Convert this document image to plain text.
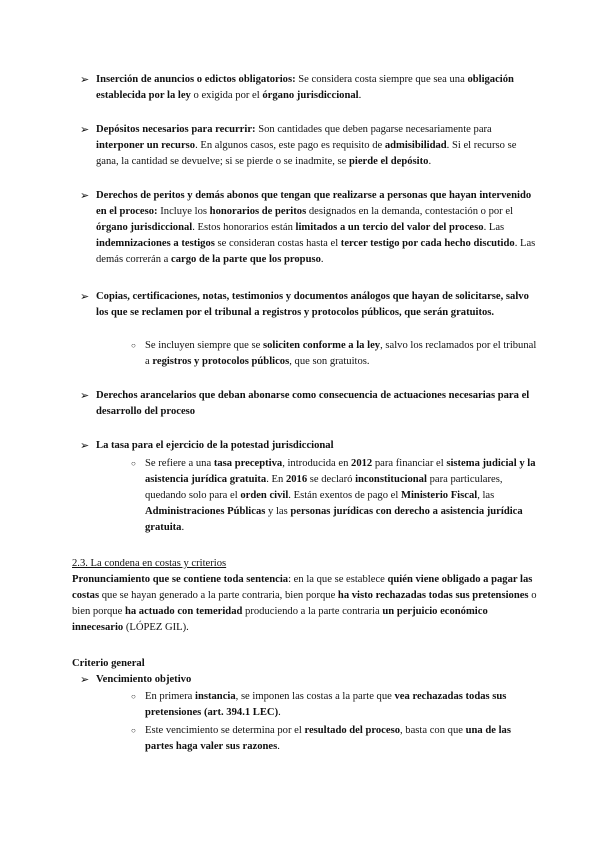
➢ Inserción de anuncios o edictos obligatorios: Se considera costa siempre que sea una obligación establecida por la ley o exigida por el órgano jurisdiccional.
➢ Depósitos necesarios para recurrir: Son cantidades que deben pagarse necesariamente para interponer un recurso. En algunos casos, este pago es requisito de admisibilidad. Si el recurso se gana, la cantidad se devuelve; si se pierde o se inadmite, se pierde el depósito.
➢ Derechos de peritos y demás abonos que tengan que realizarse a personas que hayan intervenido en el proceso: Incluye los honorarios de peritos designados en la demanda, contestación o por el órgano jurisdiccional. Estos honorarios están limitados a un tercio del valor del proceso. Las indemnizaciones a testigos se consideran costas hasta el tercer testigo por cada hecho discutido. Las demás correrán a cargo de la parte que los propuso.
➢ Copias, certificaciones, notas, testimonios y documentos análogos que hayan de solicitarse, salvo los que se reclamen por el tribunal a registros y protocolos públicos, que serán gratuitos.
○ Se incluyen siempre que se soliciten conforme a la ley, salvo los reclamados por el tribunal a registros y protocolos públicos, que son gratuitos.
➢ Derechos arancelarios que deban abonarse como consecuencia de actuaciones necesarias para el desarrollo del proceso
➢ La tasa para el ejercicio de la potestad jurisdiccional
○ Se refiere a una tasa preceptiva, introducida en 2012 para financiar el sistema judicial y la asistencia jurídica gratuita. En 2016 se declaró inconstitucional para particulares, quedando solo para el orden civil. Están exentos de pago el Ministerio Fiscal, las Administraciones Públicas y las personas jurídicas con derecho a asistencia jurídica gratuita.
2.3. La condena en costas y criterios
Pronunciamiento que se contiene toda sentencia: en la que se establece quién viene obligado a pagar las costas que se hayan generado a la parte contraria, bien porque ha visto rechazadas todas sus pretensiones o bien porque ha actuado con temeridad produciendo a la parte contraria un perjuicio económico innecesario (LÓPEZ GIL).
Criterio general
➢ Vencimiento objetivo
○ En primera instancia, se imponen las costas a la parte que vea rechazadas todas sus pretensiones (art. 394.1 LEC).
○ Este vencimiento se determina por el resultado del proceso, basta con que una de las partes haga valer sus razones.
